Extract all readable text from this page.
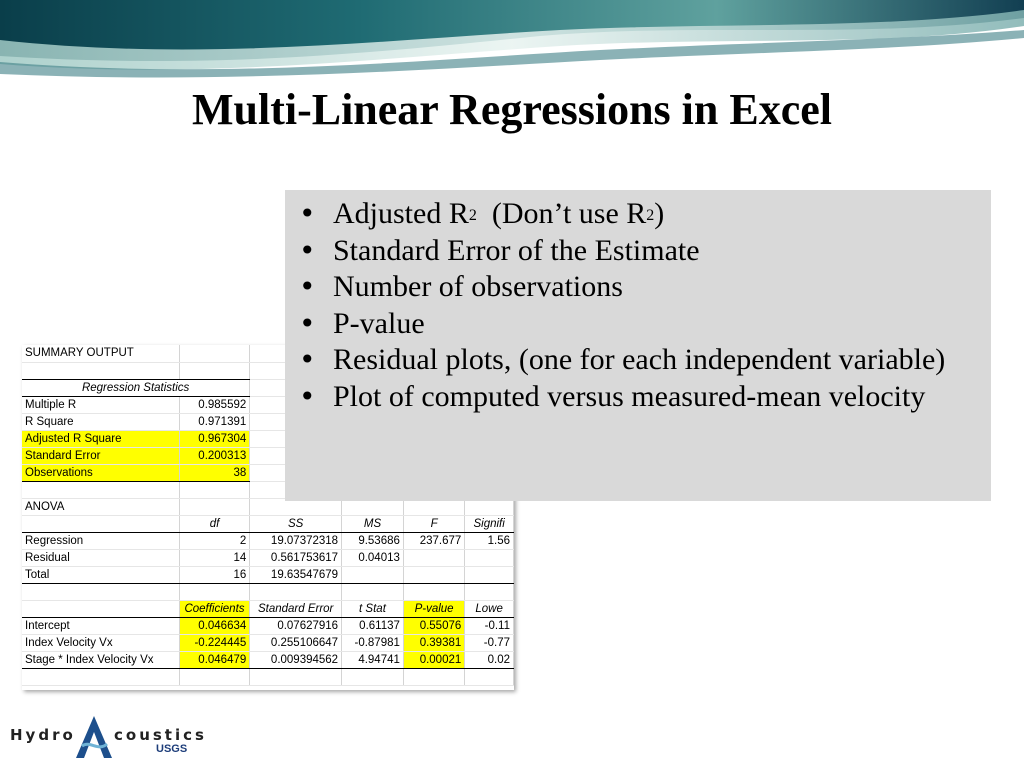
Multi-Linear Regressions in Excel
SUMMARY OUTPUT					

Regression Statistics					
Multiple R	0.985592				
R Square	0.971391				
Adjusted R Square	0.967304				
Standard Error	0.200313				
Observations	38				

ANOVA					
	df	SS	MS	F	Signifi
Regression	2	19.07372318	9.53686	237.677	1.56
Residual	14	0.561753617	0.04013		
Total	16	19.63547679			

	Coefficients	Standard Error	t Stat	P-value	Lowe
Intercept	0.046634	0.07627916	0.61137	0.55076	-0.11
Index Velocity Vx	-0.224445	0.255106647	-0.87981	0.39381	-0.77
Stage * Index Velocity Vx	0.046479	0.009394562	4.94741	0.00021	0.02

• Adjusted $R^2$  (Don’t use $R^2$)
• Standard Error of the Estimate
• Number of observations
• P-value
• Residual plots, (one for each independent variable)
• Plot of computed versus measured-mean velocity
Hydro	coustics
USGS
